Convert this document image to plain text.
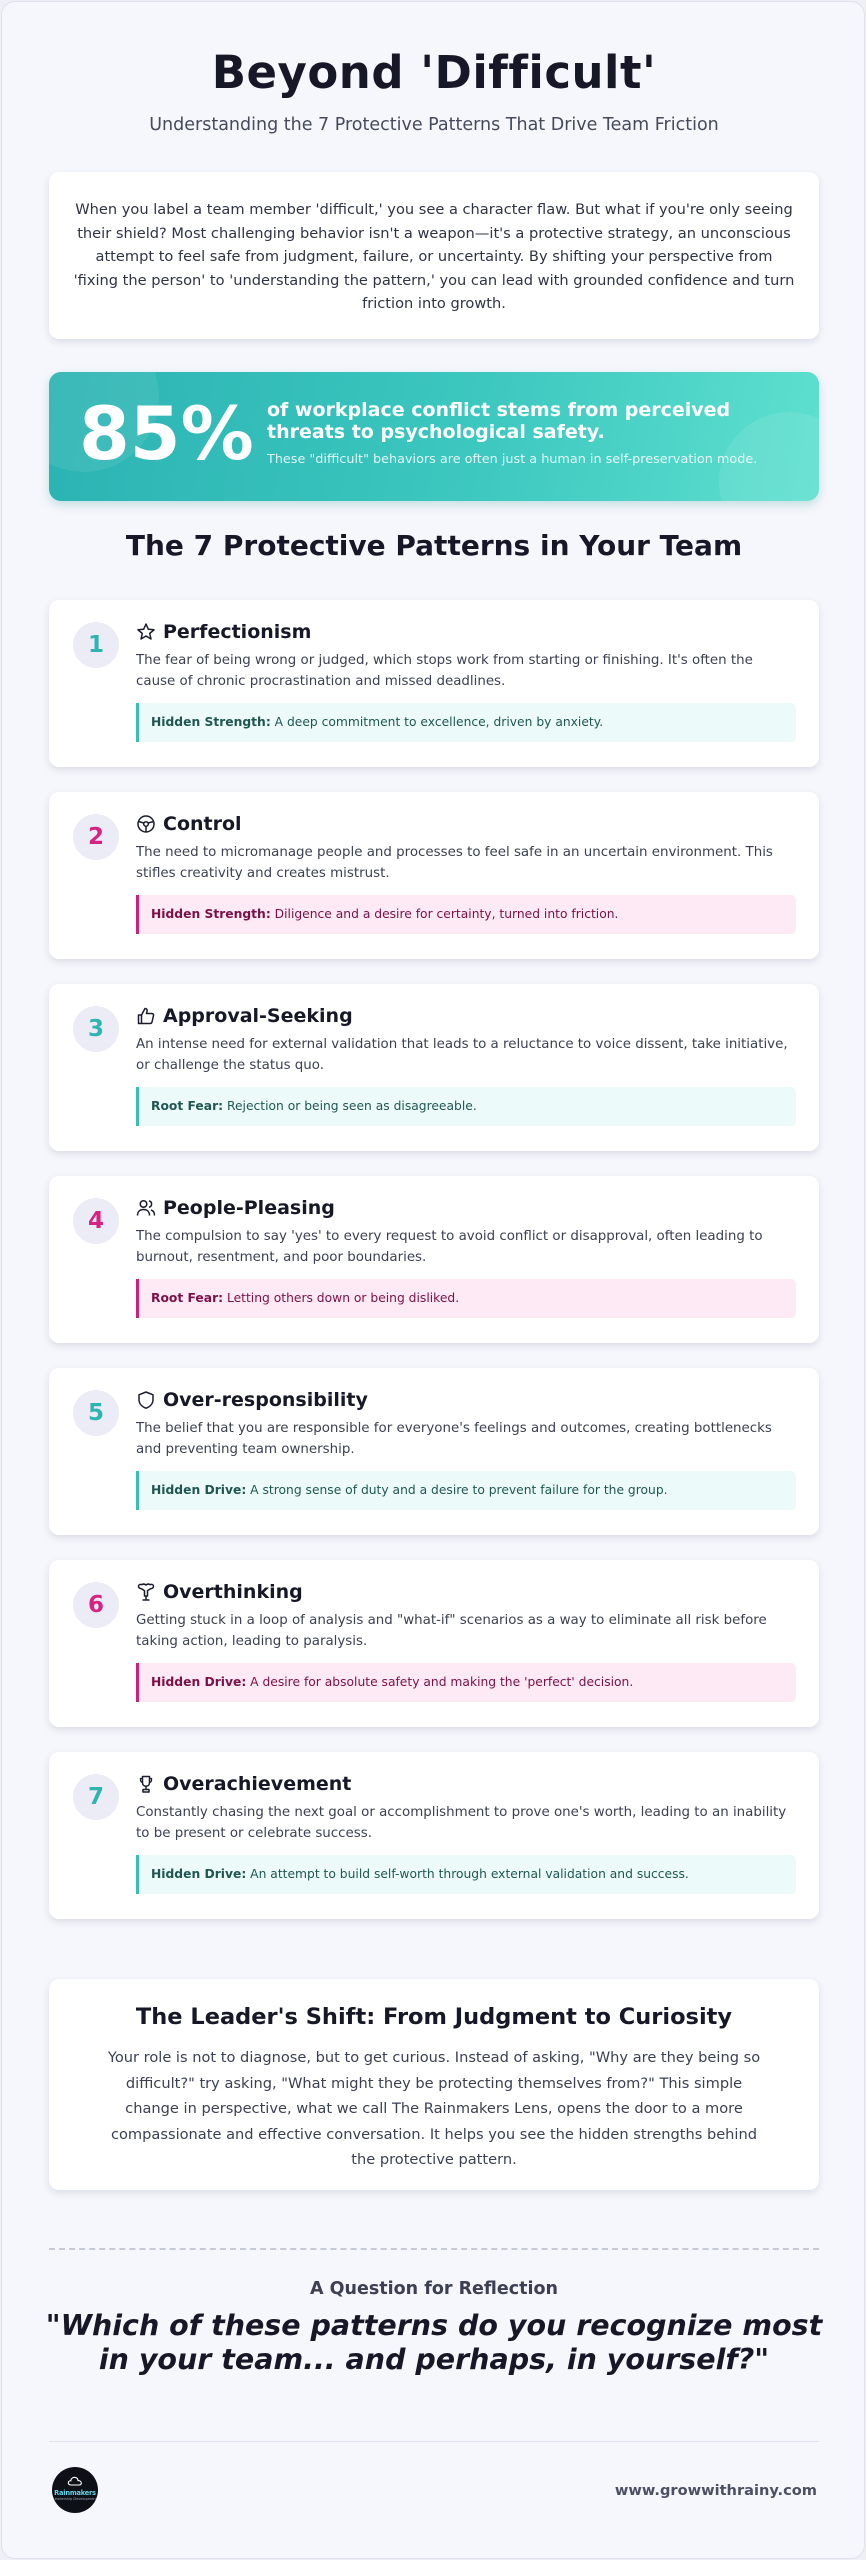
Beyond 'Difficult'
Understanding the 7 Protective Patterns That Drive Team Friction

When you label a team member 'difficult,' you see a character flaw. But what if you're only seeing their shield? Most challenging behavior isn't a weapon—it's a protective strategy, an unconscious attempt to feel safe from judgment, failure, or uncertainty. By shifting your perspective from 'fixing the person' to 'understanding the pattern,' you can lead with grounded confidence and turn friction into growth.

85% of workplace conflict stems from perceived threats to psychological safety.
These "difficult" behaviors are often just a human in self-preservation mode.
The 7 Protective Patterns in Your Team
1	Perfectionism
The fear of being wrong or judged, which stops work from starting or finishing. It's often the cause of chronic procrastination and missed deadlines.
Hidden Strength: A deep commitment to excellence, driven by anxiety.
2	Control
The need to micromanage people and processes to feel safe in an uncertain environment. This stifles creativity and creates mistrust.
Hidden Strength: Diligence and a desire for certainty, turned into friction.
3	Approval-Seeking
An intense need for external validation that leads to a reluctance to voice dissent, take initiative, or challenge the status quo.
Root Fear: Rejection or being seen as disagreeable.
4	People-Pleasing
The compulsion to say 'yes' to every request to avoid conflict or disapproval, often leading to burnout, resentment, and poor boundaries.
Root Fear: Letting others down or being disliked.
5	Over-responsibility
The belief that you are responsible for everyone's feelings and outcomes, creating bottlenecks and preventing team ownership.
Hidden Drive: A strong sense of duty and a desire to prevent failure for the group.
6	Overthinking
Getting stuck in a loop of analysis and "what-if" scenarios as a way to eliminate all risk before taking action, leading to paralysis.
Hidden Drive: A desire for absolute safety and making the 'perfect' decision.
7	Overachievement
Constantly chasing the next goal or accomplishment to prove one's worth, leading to an inability to be present or celebrate success.
Hidden Drive: An attempt to build self-worth through external validation and success.
The Leader's Shift: From Judgment to Curiosity

Your role is not to diagnose, but to get curious. Instead of asking, "Why are they being so difficult?" try asking, "What might they be protecting themselves from?" This simple change in perspective, what we call The Rainmakers Lens, opens the door to a more compassionate and effective conversation. It helps you see the hidden strengths behind the protective pattern.

A Question for Reflection
"Which of these patterns do you recognize most in your team... and perhaps, in yourself?"
Rainmakers
Leadership Development	www.growwithrainy.com
